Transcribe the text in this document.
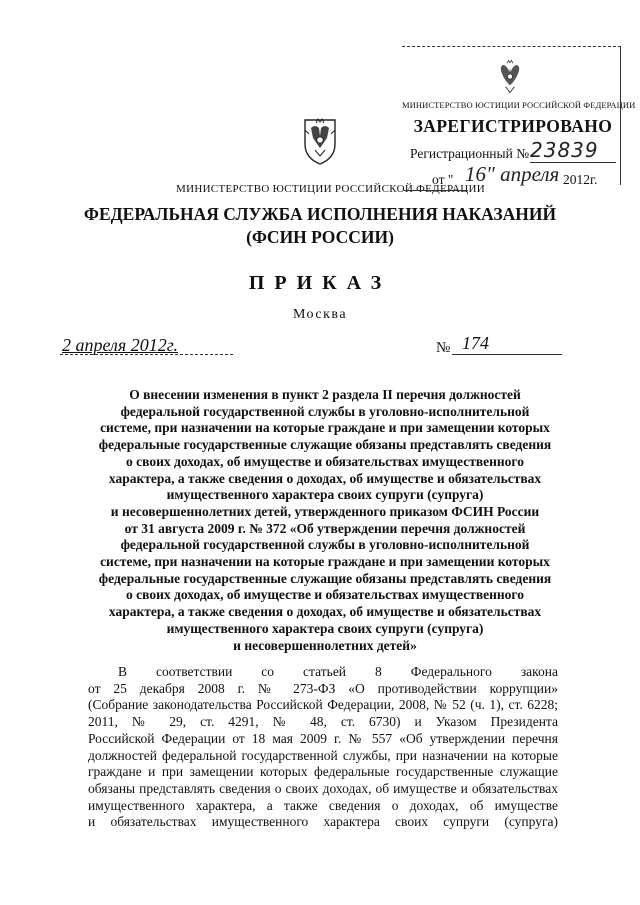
МИНИСТЕРСТВО ЮСТИЦИИ РОССИЙСКОЙ ФЕДЕРАЦИИ
ЗАРЕГИСТРИРОВАНО
Регистрационный № 23839
от " 16" апреля 2012г.
МИНИСТЕРСТВО ЮСТИЦИИ РОССИЙСКОЙ ФЕДЕРАЦИИ
ФЕДЕРАЛЬНАЯ СЛУЖБА ИСПОЛНЕНИЯ НАКАЗАНИЙ
(ФСИН РОССИИ)
ПРИКАЗ
Москва
2 апреля 2012г.	№ 174
О внесении изменения в пункт 2 раздела II перечня должностей
федеральной государственной службы в уголовно-исполнительной
системе, при назначении на которые граждане и при замещении которых
федеральные государственные служащие обязаны представлять сведения
о своих доходах, об имуществе и обязательствах имущественного
характера, а также сведения о доходах, об имуществе и обязательствах
имущественного характера своих супруги (супруга)
и несовершеннолетних детей, утвержденного приказом ФСИН России
от 31 августа 2009 г. № 372 «Об утверждении перечня должностей
федеральной государственной службы в уголовно-исполнительной
системе, при назначении на которые граждане и при замещении которых
федеральные государственные служащие обязаны представлять сведения
о своих доходах, об имуществе и обязательствах имущественного
характера, а также сведения о доходах, об имуществе и обязательствах
имущественного характера своих супруги (супруга)
и несовершеннолетних детей»
В соответствии со статьей 8 Федерального закона
от 25 декабря 2008 г. № 273-ФЗ «О противодействии коррупции»
(Собрание законодательства Российской Федерации, 2008, № 52 (ч. 1), ст. 6228;
2011, № 29, ст. 4291, № 48, ст. 6730) и Указом Президента
Российской Федерации от 18 мая 2009 г. № 557 «Об утверждении перечня
должностей федеральной государственной службы, при назначении на которые
граждане и при замещении которых федеральные государственные служащие
обязаны представлять сведения о своих доходах, об имуществе и обязательствах
имущественного характера, а также сведения о доходах, об имуществе
и обязательствах имущественного характера своих супруги (супруга)
